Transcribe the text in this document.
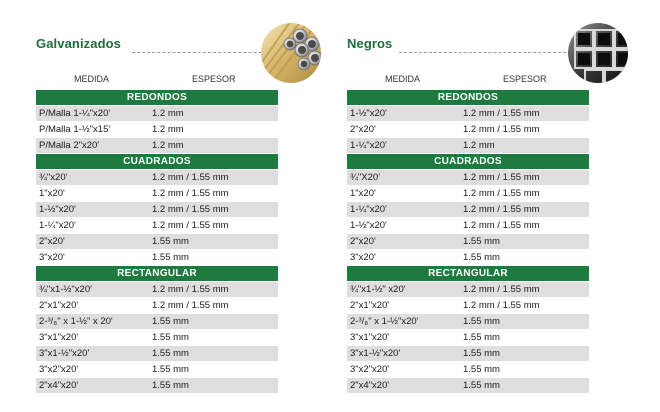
Galvanizados
MEDIDA	ESPESOR
REDONDOS
P/Malla 1-¼"x20'	1.2 mm
P/Malla 1-½"x15'	1.2 mm
P/Malla 2"x20'	1.2 mm
CUADRADOS
¾"x20'	1.2 mm / 1.55 mm
1"x20'	1.2 mm / 1.55 mm
1-½"x20'	1.2 mm / 1.55 mm
1-¼"x20'	1.2 mm / 1.55 mm
2"x20'	1.55 mm
3"x20'	1.55 mm
RECTANGULAR
¾"x1-½"x20'	1.2 mm / 1.55 mm
2"x1"x20'	1.2 mm / 1.55 mm
2-³/₈" x 1-½" x 20'	1.55 mm
3"x1"x20'	1.55 mm
3"x1-½"x20'	1.55 mm
3"x2"x20'	1.55 mm
2"x4"x20'	1.55 mm
Negros
MEDIDA	ESPESOR
REDONDOS
1-½"x20'	1.2 mm / 1.55 mm
2"x20'	1.2 mm / 1.55 mm
1-¼"x20'	1.2 mm
CUADRADOS
¾"X20'	1.2 mm / 1.55 mm
1"x20'	1.2 mm / 1.55 mm
1-¼"x20'	1.2 mm / 1.55 mm
1-½"x20'	1.2 mm / 1.55 mm
2"x20'	1.55 mm
3"x20'	1.55 mm
RECTANGULAR
¾"x1-½" x20'	1.2 mm / 1.55 mm
2"x1"x20'	1.2 mm / 1.55 mm
2-³/₈" x 1-½"x20'	1.55 mm
3"x1"x20'	1.55 mm
3"x1-½"x20'	1.55 mm
3"x2"x20'	1.55 mm
2"x4"x20'	1.55 mm
